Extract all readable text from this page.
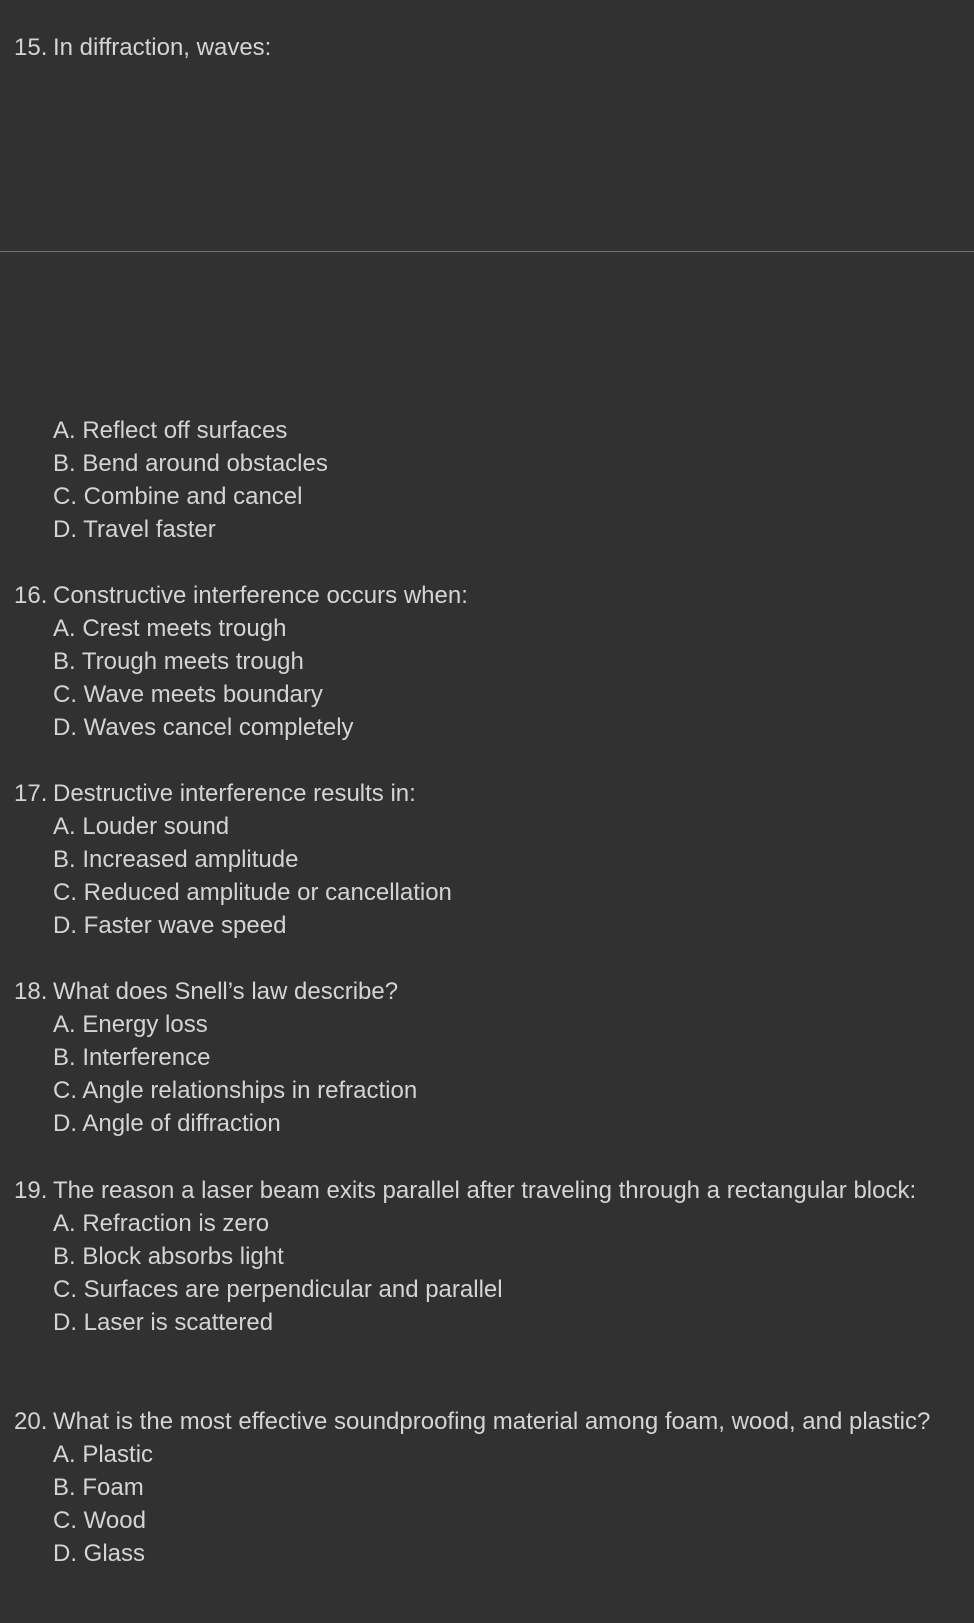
15. In diffraction, waves:
A. Reflect off surfaces
B. Bend around obstacles
C. Combine and cancel
D. Travel faster
16. Constructive interference occurs when:
A. Crest meets trough
B. Trough meets trough
C. Wave meets boundary
D. Waves cancel completely
17. Destructive interference results in:
A. Louder sound
B. Increased amplitude
C. Reduced amplitude or cancellation
D. Faster wave speed
18. What does Snell’s law describe?
A. Energy loss
B. Interference
C. Angle relationships in refraction
D. Angle of diffraction
19. The reason a laser beam exits parallel after traveling through a rectangular block:
A. Refraction is zero
B. Block absorbs light
C. Surfaces are perpendicular and parallel
D. Laser is scattered
20. What is the most effective soundproofing material among foam, wood, and plastic?
A. Plastic
B. Foam
C. Wood
D. Glass
